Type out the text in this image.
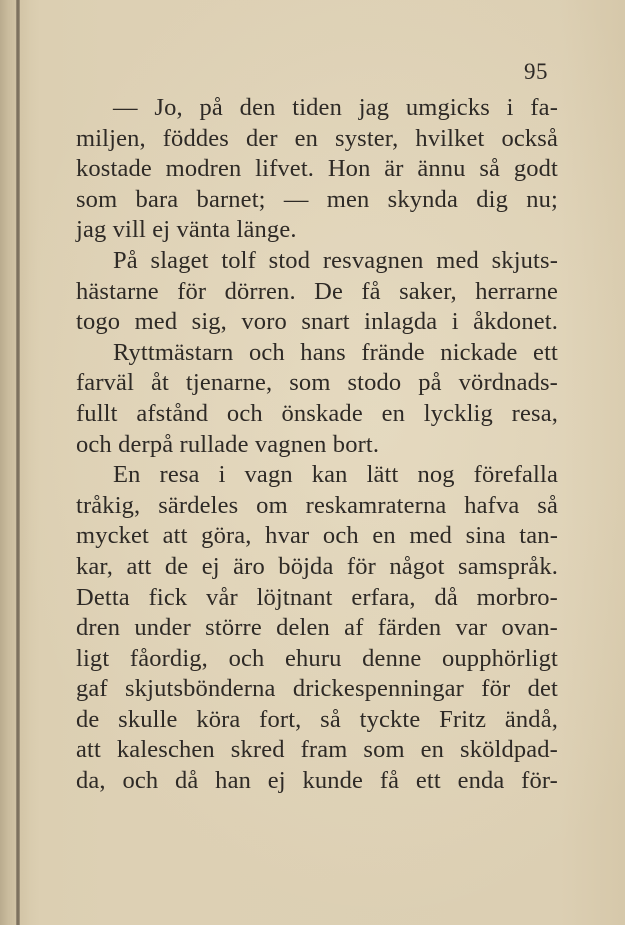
95
— Jo, på den tiden jag umgicks i fa-
miljen, föddes der en syster, hvilket också
kostade modren lifvet. Hon är ännu så godt
som bara barnet; — men skynda dig nu;
jag vill ej vänta länge.
På slaget tolf stod resvagnen med skjuts-
hästarne för dörren. De få saker, herrarne
togo med sig, voro snart inlagda i åkdonet.
Ryttmästarn och hans frände nickade ett
farväl åt tjenarne, som stodo på vördnads-
fullt afstånd och önskade en lycklig resa,
och derpå rullade vagnen bort.
En resa i vagn kan lätt nog förefalla
tråkig, särdeles om reskamraterna hafva så
mycket att göra, hvar och en med sina tan-
kar, att de ej äro böjda för något samspråk.
Detta fick vår löjtnant erfara, då morbro-
dren under större delen af färden var ovan-
ligt fåordig, och ehuru denne oupphörligt
gaf skjutsbönderna drickespenningar för det
de skulle köra fort, så tyckte Fritz ändå,
att kaleschen skred fram som en sköldpad-
da, och då han ej kunde få ett enda för-
